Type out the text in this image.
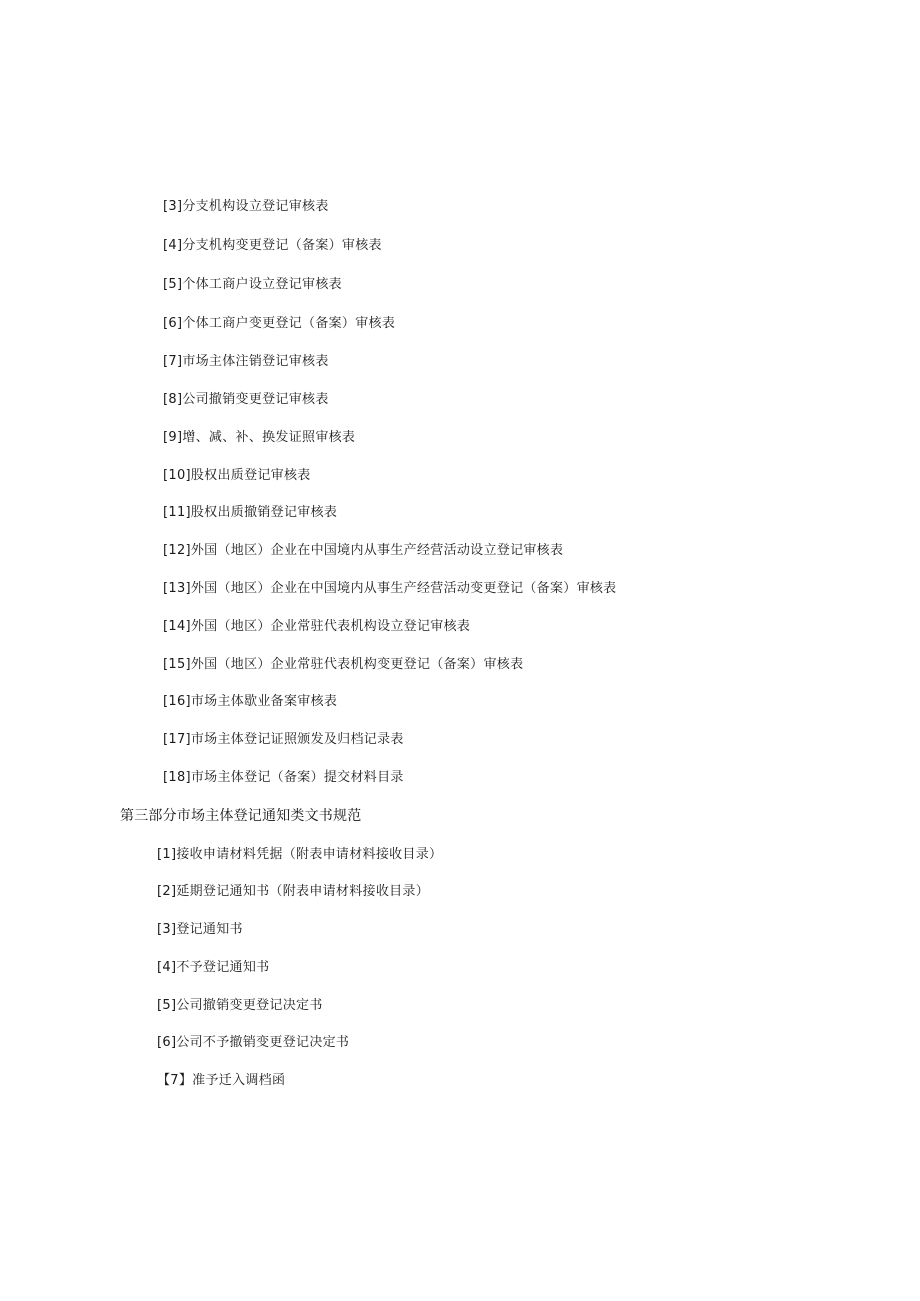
[3]分支机构设立登记审核表
[4]分支机构变更登记（备案）审核表
[5]个体工商户设立登记审核表
[6]个体工商户变更登记（备案）审核表
[7]市场主体注销登记审核表
[8]公司撤销变更登记审核表
[9]增、减、补、换发证照审核表
[10]股权出质登记审核表
[11]股权出质撤销登记审核表
[12]外国（地区）企业在中国境内从事生产经营活动设立登记审核表
[13]外国（地区）企业在中国境内从事生产经营活动变更登记（备案）审核表
[14]外国（地区）企业常驻代表机构设立登记审核表
[15]外国（地区）企业常驻代表机构变更登记（备案）审核表
[16]市场主体歇业备案审核表
[17]市场主体登记证照颁发及归档记录表
[18]市场主体登记（备案）提交材料目录
第三部分市场主体登记通知类文书规范
[1]接收申请材料凭据（附表申请材料接收目录）
[2]延期登记通知书（附表申请材料接收目录）
[3]登记通知书
[4]不予登记通知书
[5]公司撤销变更登记决定书
[6]公司不予撤销变更登记决定书
【7】准予迁入调档函
